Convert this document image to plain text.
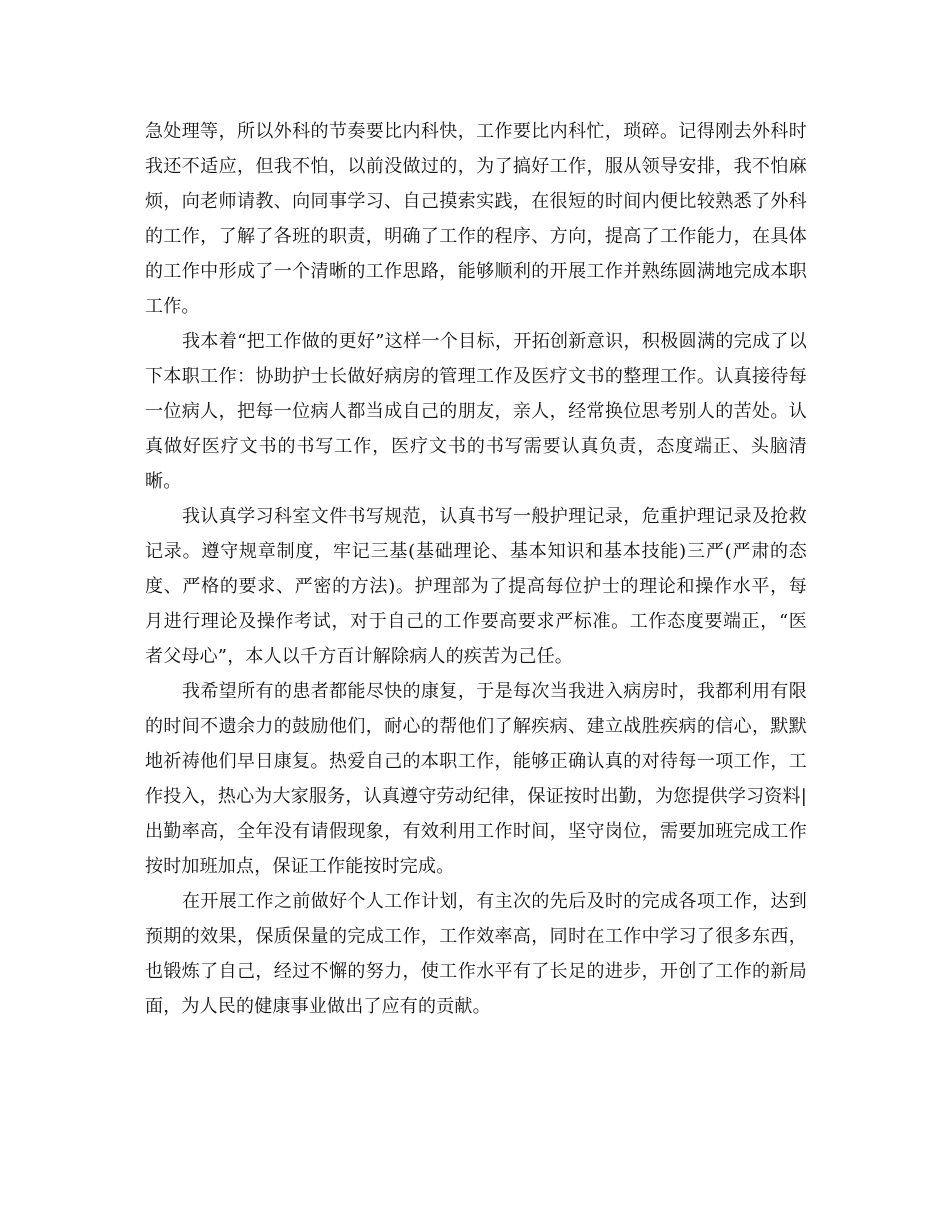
急处理等，所以外科的节奏要比内科快，工作要比内科忙，琐碎。记得刚去外科时我还不适应，但我不怕，以前没做过的，为了搞好工作，服从领导安排，我不怕麻烦，向老师请教、向同事学习、自己摸索实践，在很短的时间内便比较熟悉了外科的工作，了解了各班的职责，明确了工作的程序、方向，提高了工作能力，在具体的工作中形成了一个清晰的工作思路，能够顺利的开展工作并熟练圆满地完成本职工作。

我本着“把工作做的更好”这样一个目标，开拓创新意识，积极圆满的完成了以下本职工作：协助护士长做好病房的管理工作及医疗文书的整理工作。认真接待每一位病人，把每一位病人都当成自己的朋友，亲人，经常换位思考别人的苦处。认真做好医疗文书的书写工作，医疗文书的书写需要认真负责，态度端正、头脑清晰。

我认真学习科室文件书写规范，认真书写一般护理记录，危重护理记录及抢救记录。遵守规章制度，牢记三基(基础理论、基本知识和基本技能)三严(严肃的态度、严格的要求、严密的方法)。护理部为了提高每位护士的理论和操作水平，每月进行理论及操作考试，对于自己的工作要高要求严标准。工作态度要端正，“医者父母心”，本人以千方百计解除病人的疾苦为己任。

我希望所有的患者都能尽快的康复，于是每次当我进入病房时，我都利用有限的时间不遗余力的鼓励他们，耐心的帮他们了解疾病、建立战胜疾病的信心，默默地祈祷他们早日康复。热爱自己的本职工作，能够正确认真的对待每一项工作，工作投入，热心为大家服务，认真遵守劳动纪律，保证按时出勤，为您提供学习资料|出勤率高，全年没有请假现象，有效利用工作时间，坚守岗位，需要加班完成工作按时加班加点，保证工作能按时完成。

在开展工作之前做好个人工作计划，有主次的先后及时的完成各项工作，达到预期的效果，保质保量的完成工作，工作效率高，同时在工作中学习了很多东西，也锻炼了自己，经过不懈的努力，使工作水平有了长足的进步，开创了工作的新局面，为人民的健康事业做出了应有的贡献。
